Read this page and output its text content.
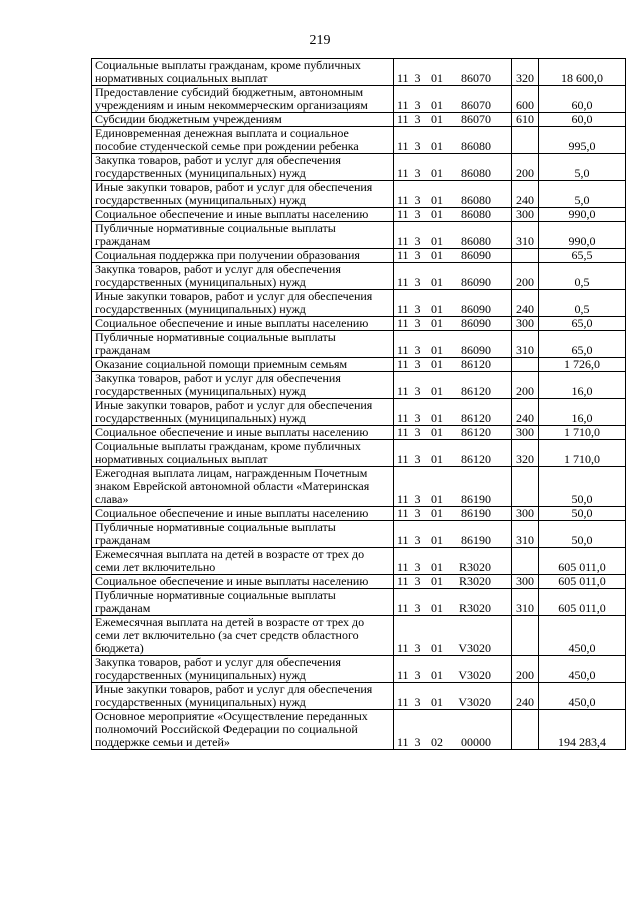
219
Социальные выплаты гражданам, кроме публичных нормативных социальных выплат	11 3 01 86070	320	18 600,0
Предоставление субсидий бюджетным, автономным учреждениям и иным некоммерческим организациям	11 3 01 86070	600	60,0
Субсидии бюджетным учреждениям	11 3 01 86070	610	60,0
Единовременная денежная выплата и социальное пособие студенческой семье при рождении ребенка	11 3 01 86080		995,0
Закупка товаров, работ и услуг для обеспечения государственных (муниципальных) нужд	11 3 01 86080	200	5,0
Иные закупки товаров, работ и услуг для обеспечения государственных (муниципальных) нужд	11 3 01 86080	240	5,0
Социальное обеспечение и иные выплаты населению	11 3 01 86080	300	990,0
Публичные нормативные социальные выплаты гражданам	11 3 01 86080	310	990,0
Социальная поддержка при получении образования	11 3 01 86090		65,5
Закупка товаров, работ и услуг для обеспечения государственных (муниципальных) нужд	11 3 01 86090	200	0,5
Иные закупки товаров, работ и услуг для обеспечения государственных (муниципальных) нужд	11 3 01 86090	240	0,5
Социальное обеспечение и иные выплаты населению	11 3 01 86090	300	65,0
Публичные нормативные социальные выплаты гражданам	11 3 01 86090	310	65,0
Оказание социальной помощи приемным семьям	11 3 01 86120		1 726,0
Закупка товаров, работ и услуг для обеспечения государственных (муниципальных) нужд	11 3 01 86120	200	16,0
Иные закупки товаров, работ и услуг для обеспечения государственных (муниципальных) нужд	11 3 01 86120	240	16,0
Социальное обеспечение и иные выплаты населению	11 3 01 86120	300	1 710,0
Социальные выплаты гражданам, кроме публичных нормативных социальных выплат	11 3 01 86120	320	1 710,0
Ежегодная выплата лицам, награжденным Почетным знаком Еврейской автономной области «Материнская слава»	11 3 01 86190		50,0
Социальное обеспечение и иные выплаты населению	11 3 01 86190	300	50,0
Публичные нормативные социальные выплаты гражданам	11 3 01 86190	310	50,0
Ежемесячная выплата на детей в возрасте от трех до семи лет включительно	11 3 01 R3020		605 011,0
Социальное обеспечение и иные выплаты населению	11 3 01 R3020	300	605 011,0
Публичные нормативные социальные выплаты гражданам	11 3 01 R3020	310	605 011,0
Ежемесячная выплата на детей в возрасте от трех до семи лет включительно (за счет средств областного бюджета)	11 3 01 V3020		450,0
Закупка товаров, работ и услуг для обеспечения государственных (муниципальных) нужд	11 3 01 V3020	200	450,0
Иные закупки товаров, работ и услуг для обеспечения государственных (муниципальных) нужд	11 3 01 V3020	240	450,0
Основное мероприятие «Осуществление переданных полномочий Российской Федерации по социальной поддержке семьи и детей»	11 3 02 00000		194 283,4
